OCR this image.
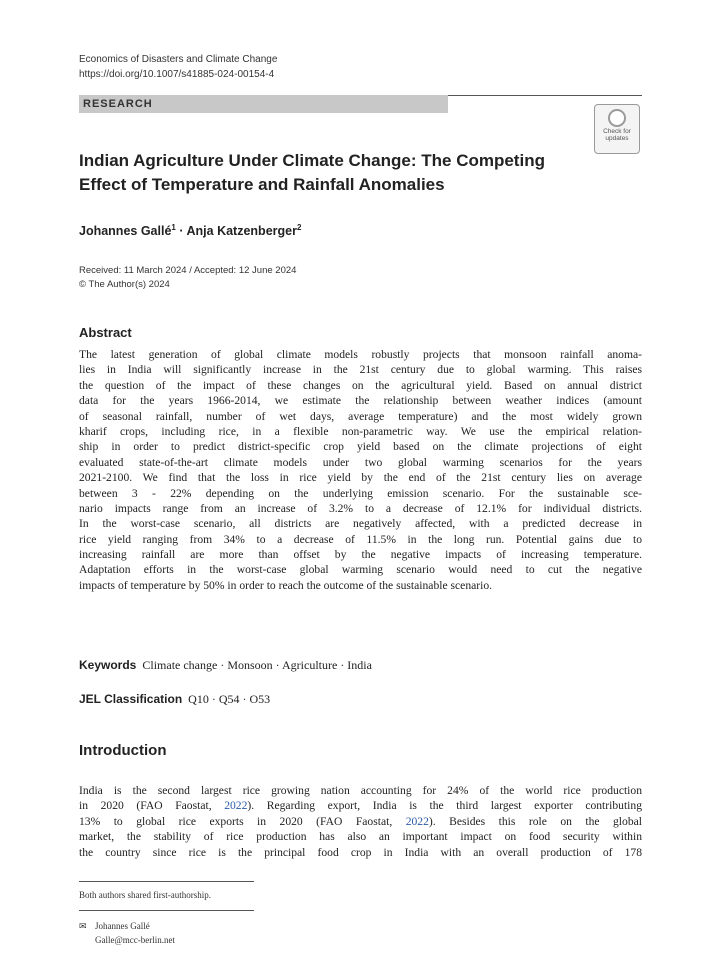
Economics of Disasters and Climate Change
https://doi.org/10.1007/s41885-024-00154-4
RESEARCH
Check for
updates
Indian Agriculture Under Climate Change: The Competing
Effect of Temperature and Rainfall Anomalies
Johannes Gallé$^1$ · Anja Katzenberger$^2$
Received: 11 March 2024 / Accepted: 12 June 2024
© The Author(s) 2024
Abstract
The latest generation of global climate models robustly projects that monsoon rainfall anoma-
lies in India will significantly increase in the 21st century due to global warming. This raises
the question of the impact of these changes on the agricultural yield. Based on annual district
data for the years 1966-2014, we estimate the relationship between weather indices (amount
of seasonal rainfall, number of wet days, average temperature) and the most widely grown
kharif crops, including rice, in a flexible non-parametric way. We use the empirical relation-
ship in order to predict district-specific crop yield based on the climate projections of eight
evaluated state-of-the-art climate models under two global warming scenarios for the years
2021-2100. We find that the loss in rice yield by the end of the 21st century lies on average
between 3 - 22% depending on the underlying emission scenario. For the sustainable sce-
nario impacts range from an increase of 3.2% to a decrease of 12.1% for individual districts.
In the worst-case scenario, all districts are negatively affected, with a predicted decrease in
rice yield ranging from 34% to a decrease of 11.5% in the long run. Potential gains due to
increasing rainfall are more than offset by the negative impacts of increasing temperature.
Adaptation efforts in the worst-case global warming scenario would need to cut the negative
impacts of temperature by 50% in order to reach the outcome of the sustainable scenario.
Keywords Climate change · Monsoon · Agriculture · India
JEL Classification Q10 · Q54 · O53
Introduction
India is the second largest rice growing nation accounting for 24% of the world rice production
in 2020 (FAO Faostat, 2022). Regarding export, India is the third largest exporter contributing
13% to global rice exports in 2020 (FAO Faostat, 2022). Besides this role on the global
market, the stability of rice production has also an important impact on food security within
the country since rice is the principal food crop in India with an overall production of 178
Both authors shared first-authorship.
✉ Johannes Gallé
Galle@mcc-berlin.net
